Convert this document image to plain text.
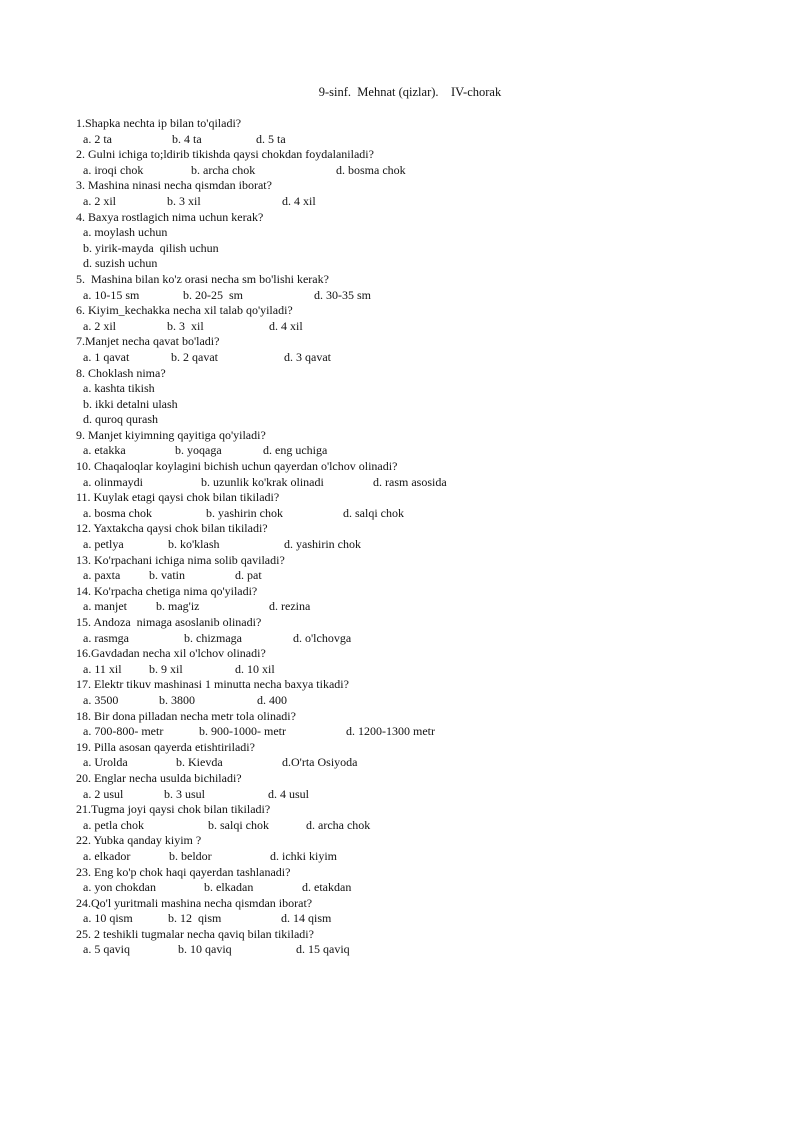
9-sinf.  Mehnat (qizlar).    IV-chorak
1.Shapka nechta ip bilan to'qiladi?
a. 2 ta	b. 4 ta	d. 5 ta
2. Gulni ichiga to;ldirib tikishda qaysi chokdan foydalaniladi?
a. iroqi chok	b. archa chok	d. bosma chok
3. Mashina ninasi necha qismdan iborat?
a. 2 xil	b. 3 xil	d. 4 xil
4. Baxya rostlagich nima uchun kerak?
a. moylash uchun
b. yirik-mayda  qilish uchun
d. suzish uchun
5.  Mashina bilan ko'z orasi necha sm bo'lishi kerak?
a. 10-15 sm	b. 20-25  sm	d. 30-35 sm
6. Kiyim_kechakka necha xil talab qo'yiladi?
a. 2 xil	b. 3  xil	d. 4 xil
7.Manjet necha qavat bo'ladi?
a. 1 qavat	b. 2 qavat	d. 3 qavat
8. Choklash nima?
a. kashta tikish
b. ikki detalni ulash
d. quroq qurash
9. Manjet kiyimning qayitiga qo'yiladi?
a. etakka	b. yoqaga	d. eng uchiga
10. Chaqaloqlar koylagini bichish uchun qayerdan o'lchov olinadi?
a. olinmaydi	b. uzunlik ko'krak olinadi	d. rasm asosida
11. Kuylak etagi qaysi chok bilan tikiladi?
a. bosma chok	b. yashirin chok	d. salqi chok
12. Yaxtakcha qaysi chok bilan tikiladi?
a. petlya	b. ko'klash	d. yashirin chok
13. Ko'rpachani ichiga nima solib qaviladi?
a. paxta	b. vatin	d. pat
14. Ko'rpacha chetiga nima qo'yiladi?
a. manjet	b. mag'iz	d. rezina
15. Andoza  nimaga asoslanib olinadi?
a. rasmga	b. chizmaga	d. o'lchovga
16.Gavdadan necha xil o'lchov olinadi?
a. 11 xil	b. 9 xil	d. 10 xil
17. Elektr tikuv mashinasi 1 minutta necha baxya tikadi?
a. 3500	b. 3800	d. 400
18. Bir dona pilladan necha metr tola olinadi?
a. 700-800- metr	b. 900-1000- metr	d. 1200-1300 metr
19. Pilla asosan qayerda etishtiriladi?
a. Urolda	b. Kievda	d.O'rta Osiyoda
20. Englar necha usulda bichiladi?
a. 2 usul	b. 3 usul	d. 4 usul
21.Tugma joyi qaysi chok bilan tikiladi?
a. petla chok	b. salqi chok	d. archa chok
22. Yubka qanday kiyim ?
a. elkador	b. beldor	d. ichki kiyim
23. Eng ko'p chok haqi qayerdan tashlanadi?
a. yon chokdan	b. elkadan	d. etakdan
24.Qo'l yuritmali mashina necha qismdan iborat?
a. 10 qism	b. 12  qism	d. 14 qism
25. 2 teshikli tugmalar necha qaviq bilan tikiladi?
a. 5 qaviq	b. 10 qaviq	d. 15 qaviq
